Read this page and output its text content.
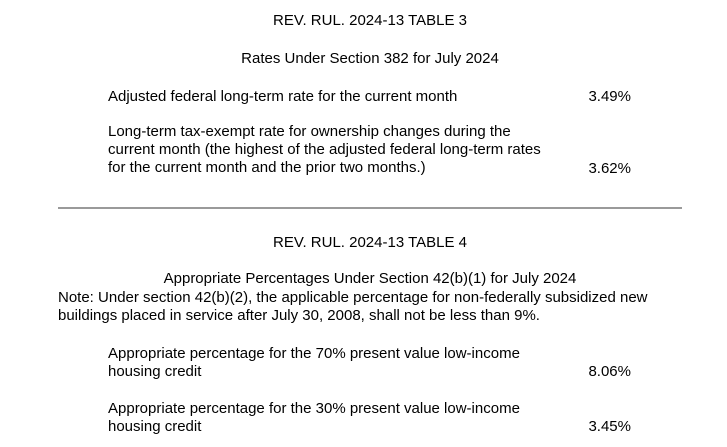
REV. RUL. 2024-13 TABLE 3
Rates Under Section 382 for July 2024
Adjusted federal long-term rate for the current month	3.49%
Long-term tax-exempt rate for ownership changes during the current month (the highest of the adjusted federal long-term rates for the current month and the prior two months.)	3.62%
REV. RUL. 2024-13 TABLE 4
Appropriate Percentages Under Section 42(b)(1) for July 2024
Note: Under section 42(b)(2), the applicable percentage for non-federally subsidized new buildings placed in service after July 30, 2008, shall not be less than 9%.
Appropriate percentage for the 70% present value low-income housing credit	8.06%
Appropriate percentage for the 30% present value low-income housing credit	3.45%
